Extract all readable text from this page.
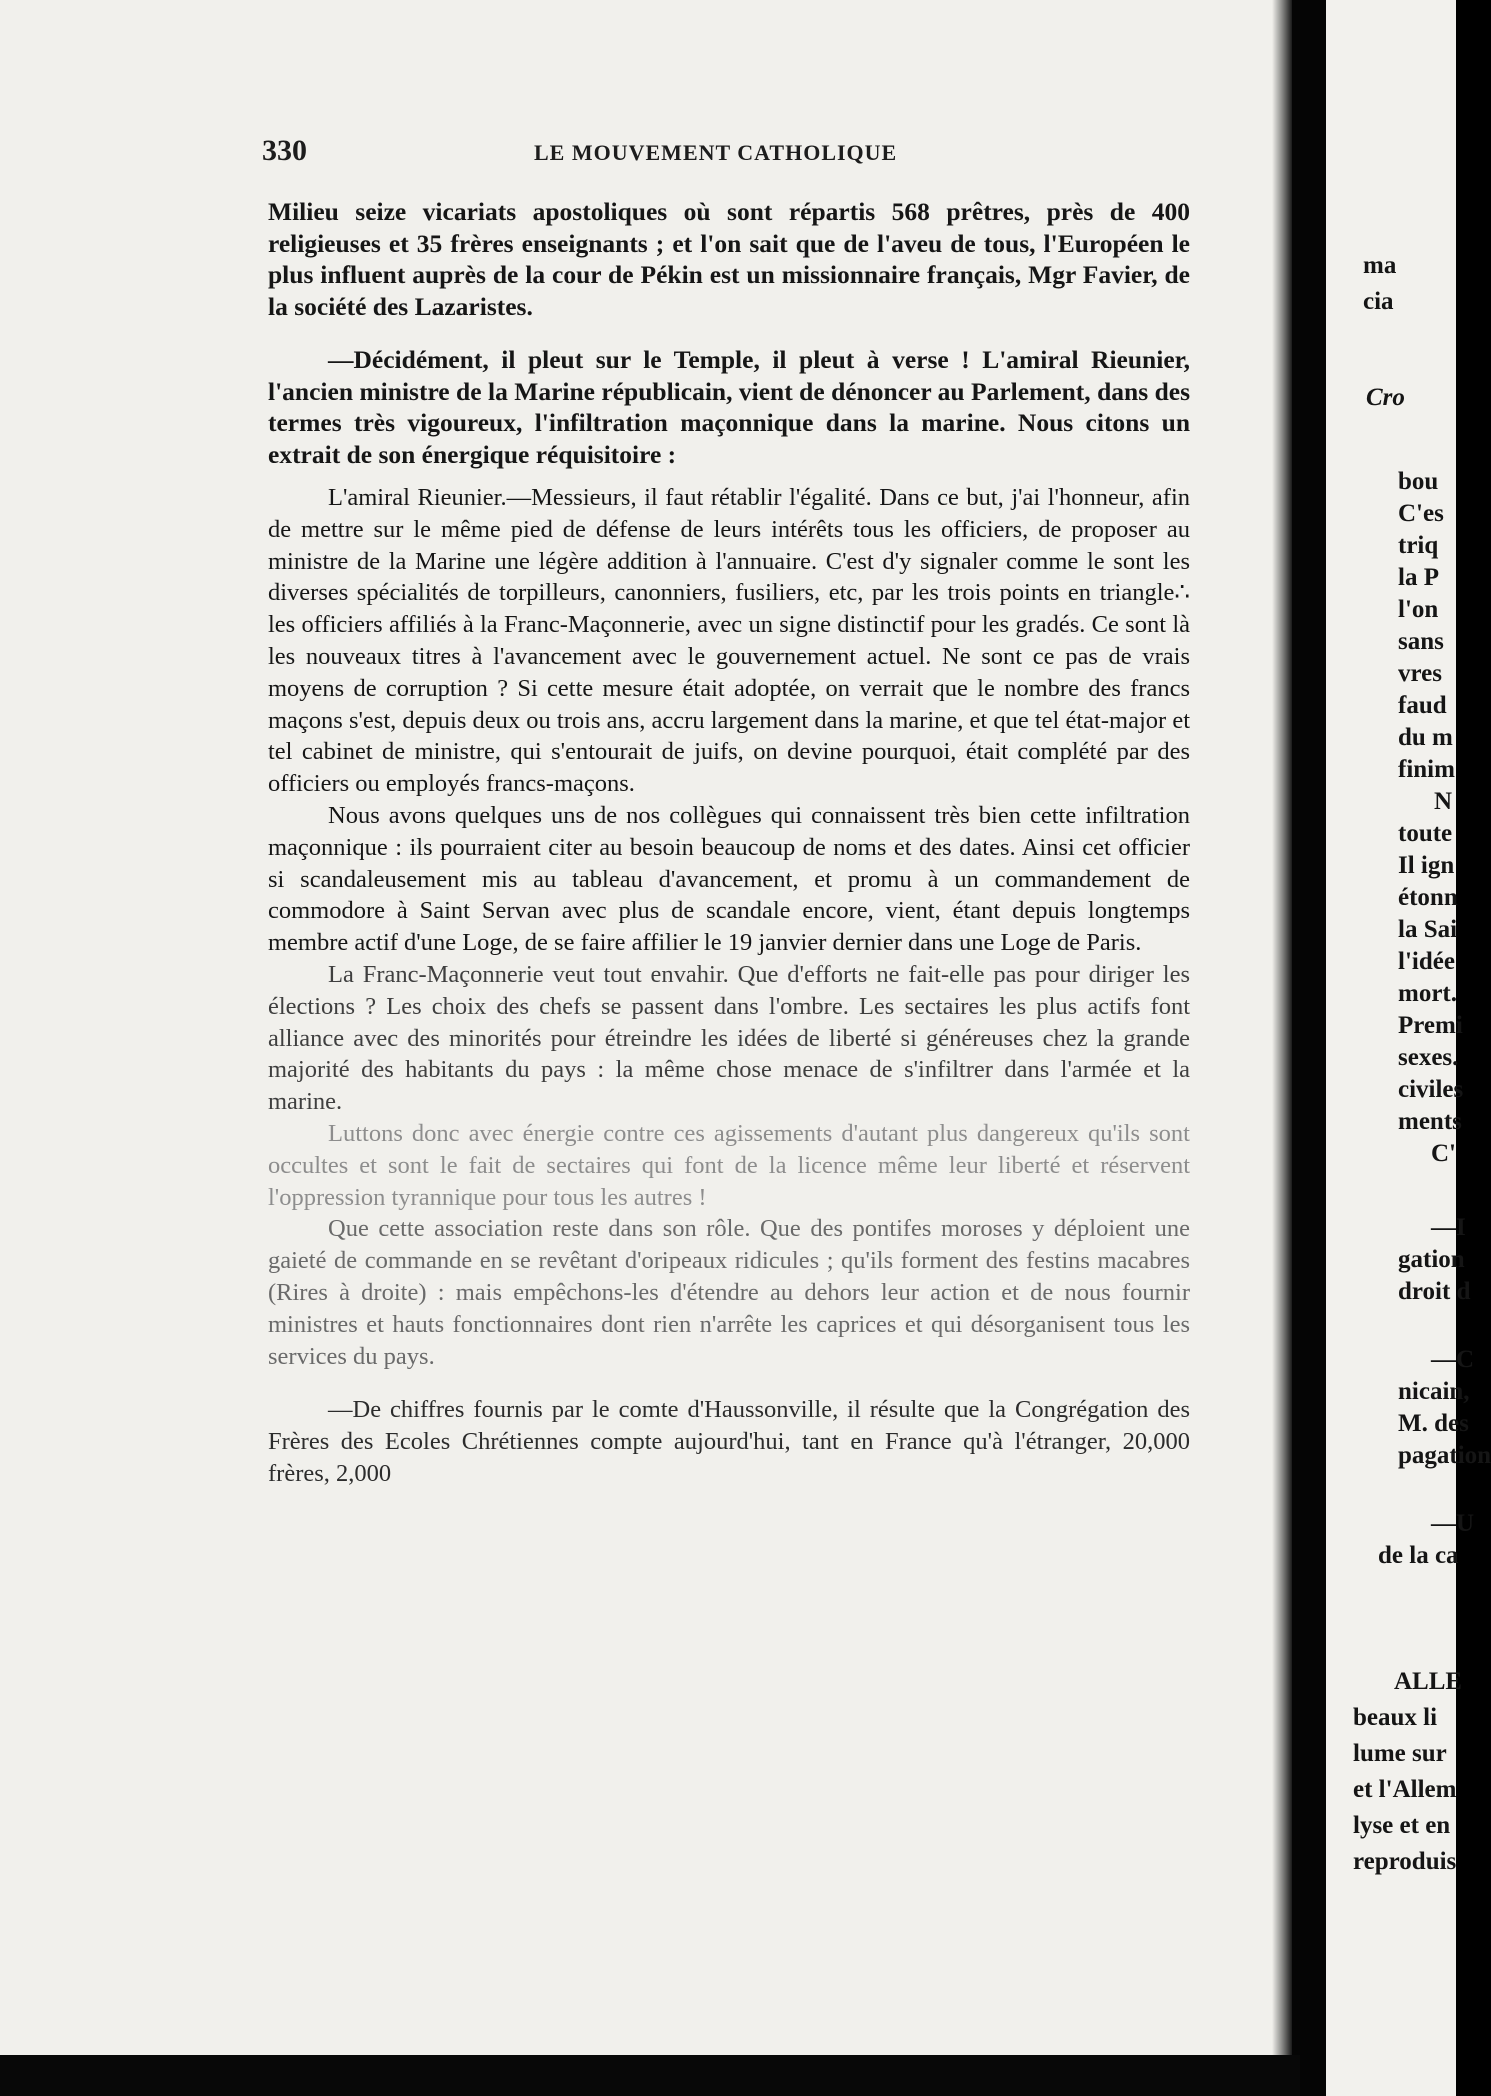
330	LE MOUVEMENT CATHOLIQUE

Milieu seize vicariats apostoliques où sont répartis 568 prêtres, près de 400 religieuses et 35 frères enseignants ; et l'on sait que de l'aveu de tous, l'Européen le plus influent auprès de la cour de Pékin est un missionnaire français, Mgr Favier, de la société des Lazaristes.

—Décidément, il pleut sur le Temple, il pleut à verse ! L'amiral Rieunier, l'ancien ministre de la Marine républicain, vient de dénoncer au Parlement, dans des termes très vigoureux, l'infiltration maçonnique dans la marine. Nous citons un extrait de son énergique réquisitoire :

L'amiral Rieunier.—Messieurs, il faut rétablir l'égalité. Dans ce but, j'ai l'honneur, afin de mettre sur le même pied de défense de leurs intérêts tous les officiers, de proposer au ministre de la Marine une légère addition à l'annuaire. C'est d'y signaler comme le sont les diverses spécialités de torpilleurs, canonniers, fusiliers, etc, par les trois points en triangle∴ les officiers affiliés à la Franc-Maçonnerie, avec un signe distinctif pour les gradés. Ce sont là les nouveaux titres à l'avancement avec le gouvernement actuel. Ne sont ce pas de vrais moyens de corruption ? Si cette mesure était adoptée, on verrait que le nombre des francs maçons s'est, depuis deux ou trois ans, accru largement dans la marine, et que tel état-major et tel cabinet de ministre, qui s'entourait de juifs, on devine pourquoi, était complété par des officiers ou employés francs-maçons.

Nous avons quelques uns de nos collègues qui connaissent très bien cette infiltration maçonnique : ils pourraient citer au besoin beaucoup de noms et des dates. Ainsi cet officier si scandaleusement mis au tableau d'avancement, et promu à un commandement de commodore à Saint Servan avec plus de scandale encore, vient, étant depuis longtemps membre actif d'une Loge, de se faire affilier le 19 janvier dernier dans une Loge de Paris.

La Franc-Maçonnerie veut tout envahir. Que d'efforts ne fait-elle pas pour diriger les élections ? Les choix des chefs se passent dans l'ombre. Les sectaires les plus actifs font alliance avec des minorités pour étreindre les idées de liberté si généreuses chez la grande majorité des habitants du pays : la même chose menace de s'infiltrer dans l'armée et la marine.

Luttons donc avec énergie contre ces agissements d'autant plus dangereux qu'ils sont occultes et sont le fait de sectaires qui font de la licence même leur liberté et réservent l'oppression tyrannique pour tous les autres !

Que cette association reste dans son rôle. Que des pontifes moroses y déploient une gaieté de commande en se revêtant d'oripeaux ridicules ; qu'ils forment des festins macabres (Rires à droite) : mais empêchons-les d'étendre au dehors leur action et de nous fournir ministres et hauts fonctionnaires dont rien n'arrête les caprices et qui désorganisent tous les services du pays.

—De chiffres fournis par le comte d'Haussonville, il résulte que la Congrégation des Frères des Ecoles Chrétiennes compte aujourd'hui, tant en France qu'à l'étranger, 20,000 frères, 2,000

ma
cia
Cro
bou
C'es
triq
la P
l'on
sans
vres
faud
du m
finim
N
toute
Il ign
étonn
la Sai
l'idée
mort.
Premi
sexes.
civiles
ments
C'
—I
gation
droit d
—C
nicain,
M. des
pagation
—U
de la ca
ALLE
beaux li
lume sur
et l'Allem
lyse et en
reproduis
